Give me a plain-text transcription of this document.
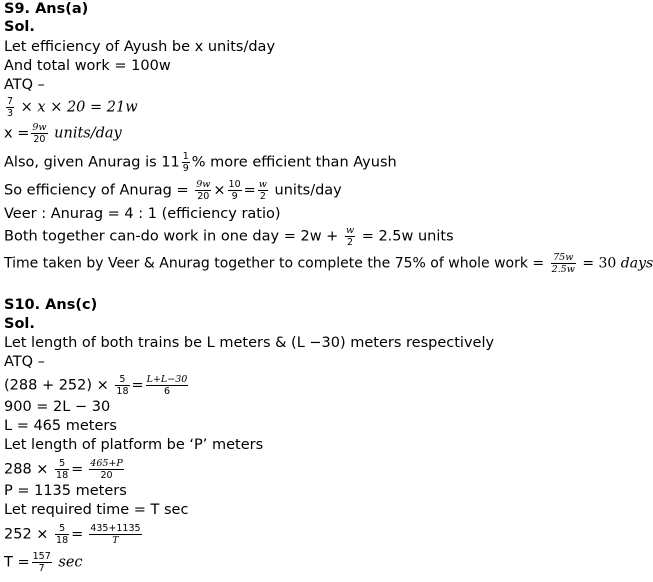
S9. Ans(a)
Sol.
Let efficiency of Ayush be x units/day
And total work = 100w
ATQ –
$\frac{7}{3} \times x \times 20 = 21w$
$x = \frac{9w}{20}$ units/day
Also, given Anurag is $11 \frac{1}{9}$ % more efficient than Ayush
So efficiency of Anurag = $\frac{9w}{20} \times \frac{10}{9} = \frac{w}{2}$ units/day
Veer : Anurag = 4 : 1 (efficiency ratio)
Both together can-do work in one day = $2w + \frac{w}{2} = 2.5w$ units
Time taken by Veer & Anurag together to complete the 75% of whole work = $\frac{75w}{2.5w} = 30$ days
S10. Ans(c)
Sol.
Let length of both trains be L meters & (L −30) meters respectively
ATQ –
$(288 + 252) \times \frac{5}{18} = \frac{L+L-30}{6}$
900 = 2L − 30
L = 465 meters
Let length of platform be ‘P’ meters
$288 \times \frac{5}{18} = \frac{465+P}{20}$
P = 1135 meters
Let required time = T sec
$252 \times \frac{5}{18} = \frac{435+1135}{T}$
$T = \frac{157}{7}$ sec
